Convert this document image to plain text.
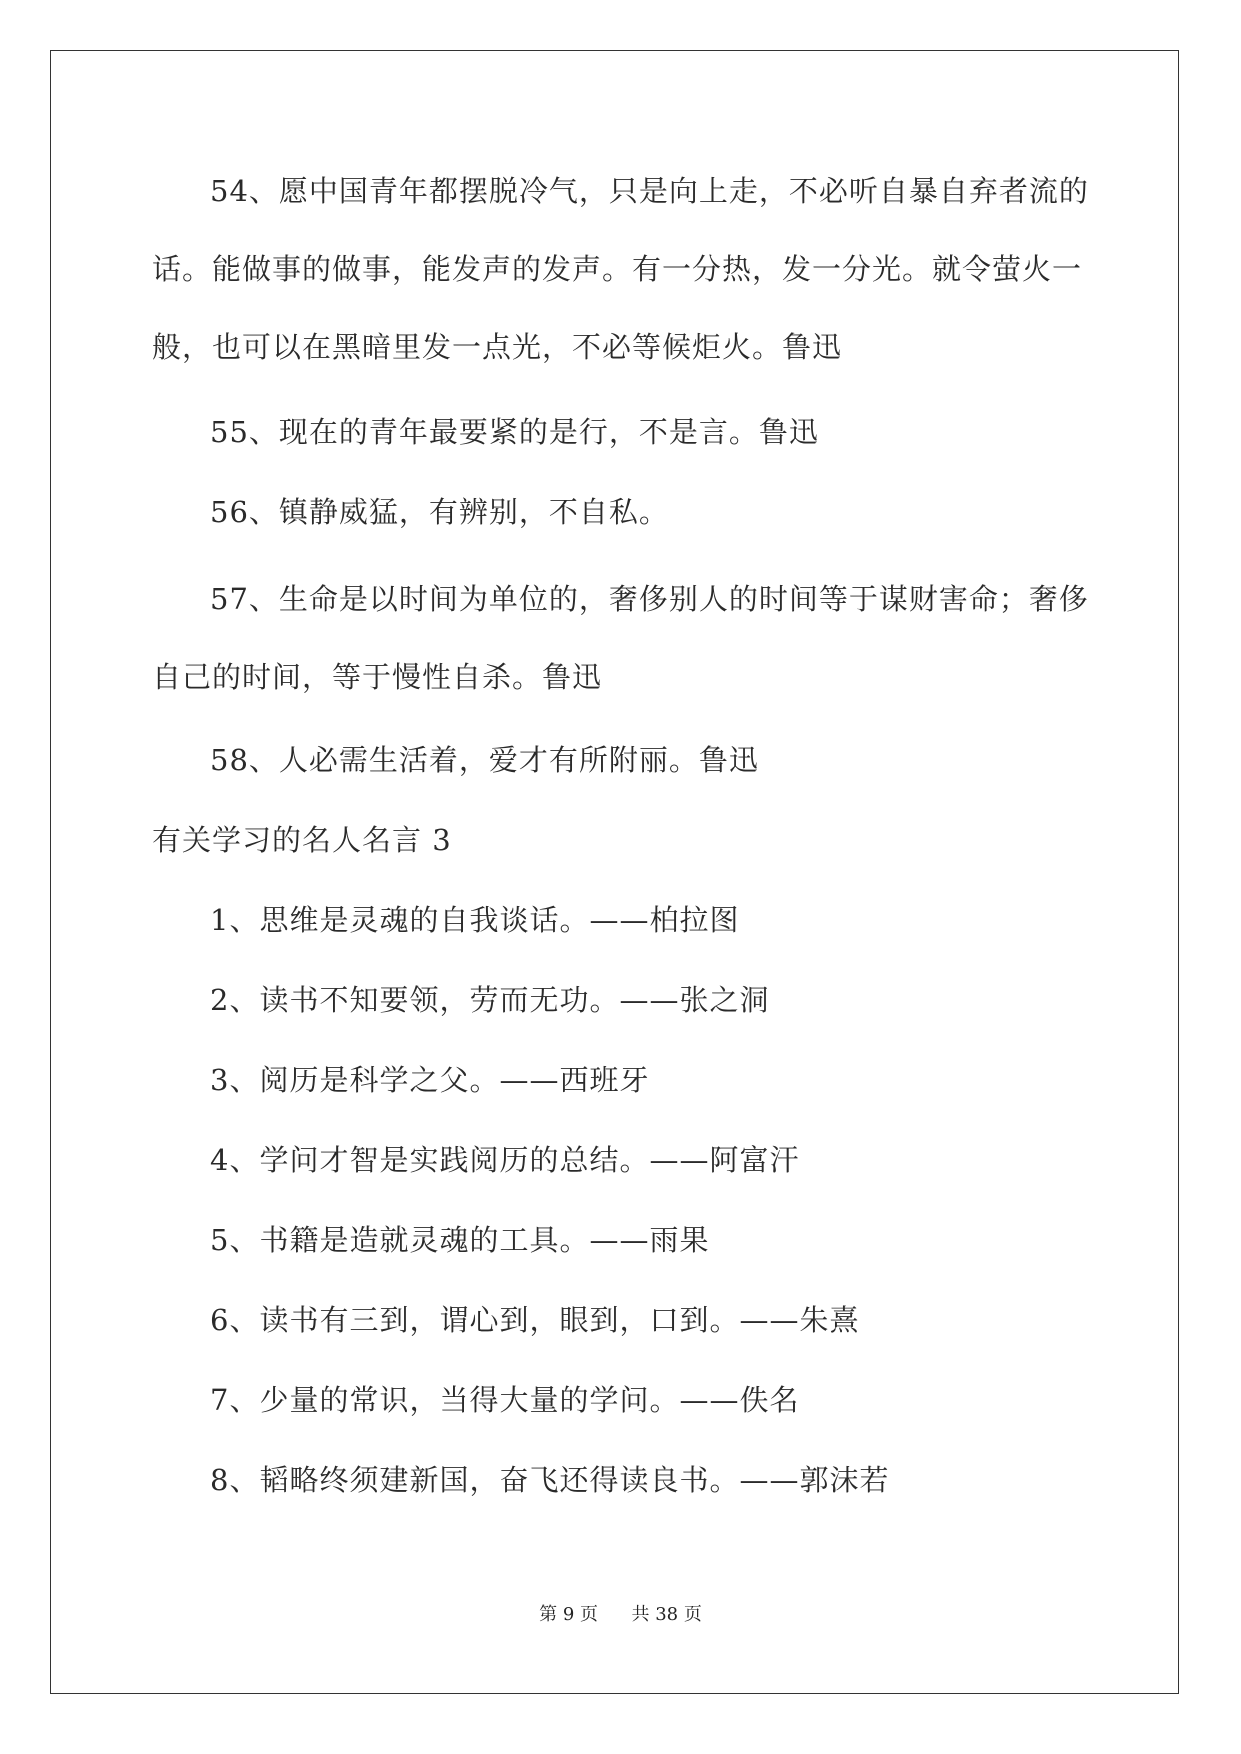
54、愿中国青年都摆脱冷气，只是向上走，不必听自暴自弃者流的话。能做事的做事，能发声的发声。有一分热，发一分光。就令萤火一般，也可以在黑暗里发一点光，不必等候炬火。鲁迅

55、现在的青年最要紧的是行，不是言。鲁迅

56、镇静威猛，有辨别，不自私。

57、生命是以时间为单位的，奢侈别人的时间等于谋财害命；奢侈自己的时间，等于慢性自杀。鲁迅

58、人必需生活着，爱才有所附丽。鲁迅

有关学习的名人名言 3

1、思维是灵魂的自我谈话。——柏拉图

2、读书不知要领，劳而无功。——张之洞

3、阅历是科学之父。——西班牙

4、学问才智是实践阅历的总结。——阿富汗

5、书籍是造就灵魂的工具。——雨果

6、读书有三到，谓心到，眼到，口到。——朱熹

7、少量的常识，当得大量的学问。——佚名

8、韬略终须建新国，奋飞还得读良书。——郭沫若

第 9 页 共 38 页
